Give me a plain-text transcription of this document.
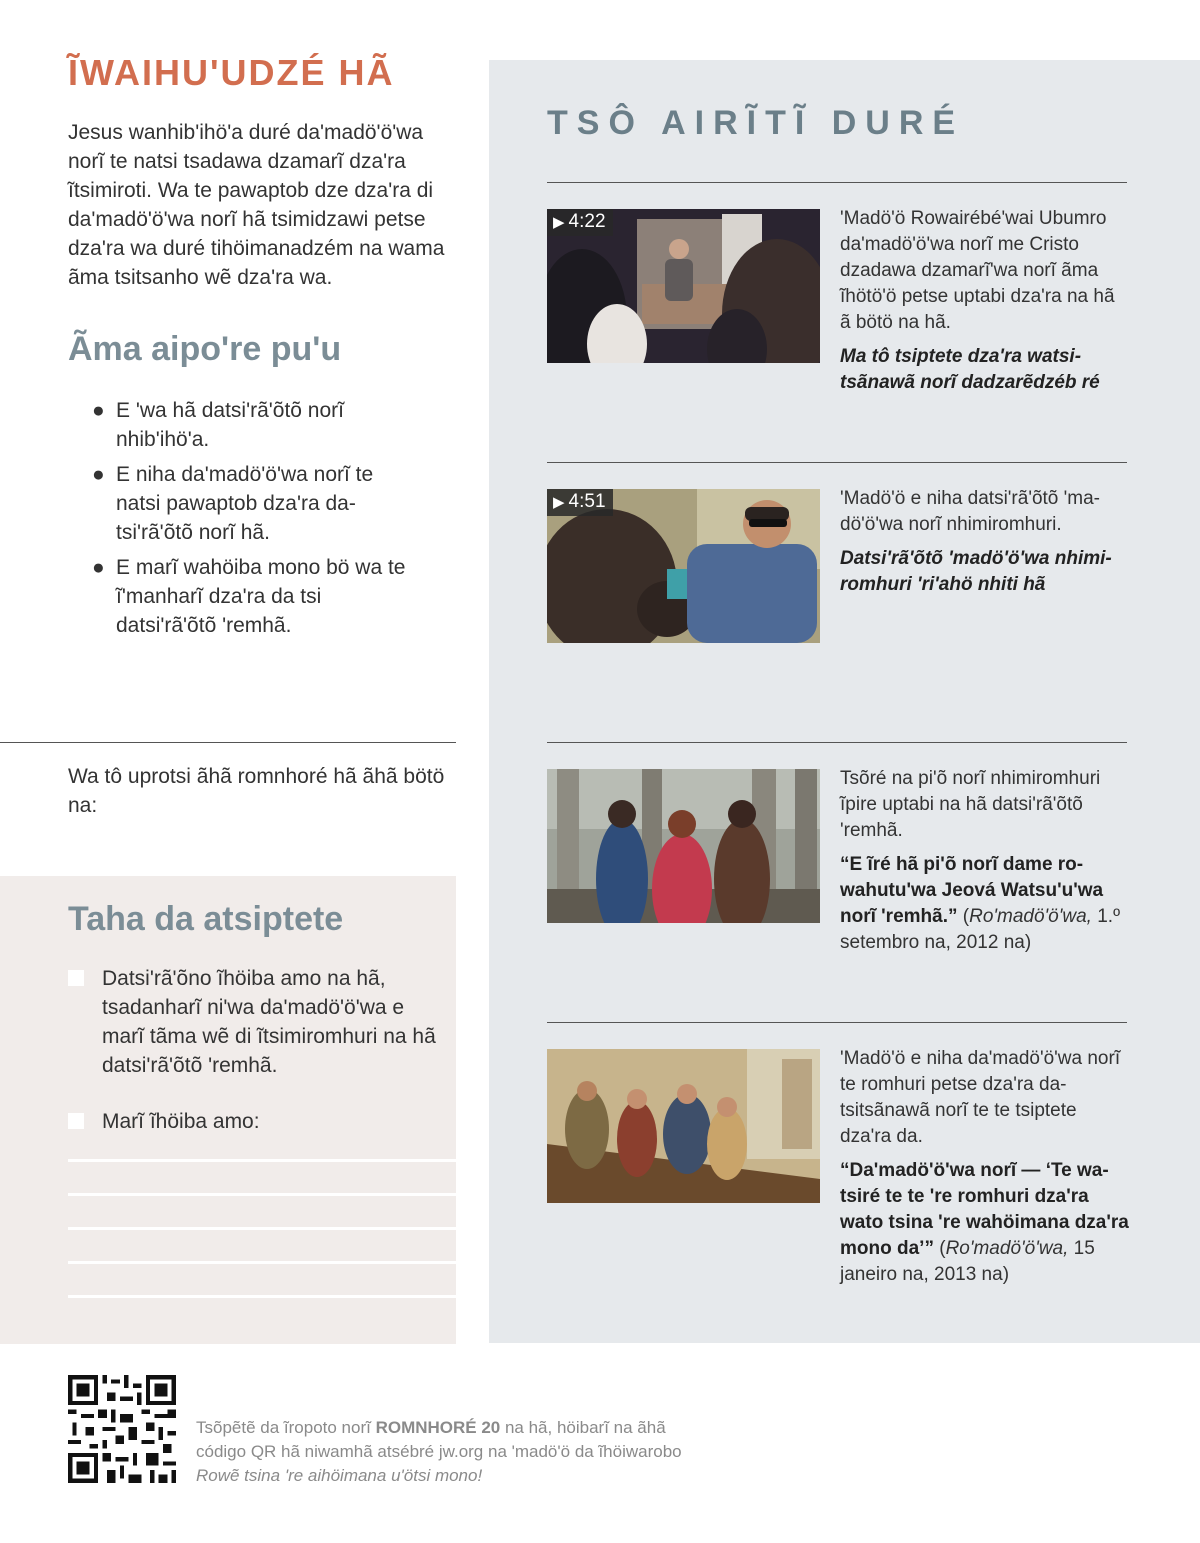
ĨWAIHU'UDZÉ HÃ
Jesus wanhib'ihö'a duré da'madö'ö'wa norĩ te natsi tsadawa dzamarĩ dza'ra ĩtsimiroti. Wa te pawaptob dze dza'ra di da'madö'ö'wa norĩ hã tsimidzawi petse dza'ra wa duré tihöimanadzém na wama ãma tsitsanho wẽ dza'ra wa.
Ãma aipo're pu'u
● E 'wa hã datsi'rã'õtõ norĩ nhib'ihö'a.
● E niha da'madö'ö'wa norĩ te natsi pawaptob dza'ra datsi'rã'õtõ norĩ hã.
● E marĩ wahöiba mono bö wa te ĩ'manharĩ dza'ra da tsi datsi'rã'õtõ 'remhã.
Wa tô uprotsi ãhã romnhoré hã ãhã bötö na:
Taha da atsiptete
Datsi'rã'õno ĩhöiba amo na hã, tsadanharĩ ni'wa da'madö'ö'wa e marĩ tãma wẽ di ĩtsimiromhuri na hã datsi'rã'õtõ 'remhã.
Marĩ ĩhöiba amo:
TSÔ AIRĨTĨ DURÉ
▶ 4:22	'Madö'ö Rowairébé'wai Ubumro da'madö'ö'wa norĩ me Cristo dzadawa dzamarĩ'wa norĩ ãma ĩhötö'ö petse uptabi dza'ra na hã ã bötö na hã.
Ma tô tsiptete dza'ra watsitsãnawã norĩ dadzarẽdzéb ré
▶ 4:51	'Madö'ö e niha datsi'rã'õtõ 'madö'ö'wa norĩ nhimiromhuri.
Datsi'rã'õtõ 'madö'ö'wa nhimiromhuri 'ri'ahö nhiti hã
Tsõré na pi'õ norĩ nhimiromhuri ĩpire uptabi na hã datsi'rã'õtõ 'remhã.
“E ĩré hã pi'õ norĩ dame rowahutu'wa Jeová Watsu'u'wa norĩ 'remhã.” (Ro'madö'ö'wa, 1.º setembro na, 2012 na)
'Madö'ö e niha da'madö'ö'wa norĩ te romhuri petse dza'ra datsitsãnawã norĩ te te tsiptete dza'ra da.
“Da'madö'ö'wa norĩ — ‘Te watsiré te te 're romhuri dza'ra wato tsina 're wahöimana dza'ra mono da’” (Ro'madö'ö'wa, 15 janeiro na, 2013 na)
Tsõpẽtẽ da ĩropoto norĩ ROMNHORÉ 20 na hã, höibarĩ na ãhã código QR hã niwamhã atsébré jw.org na 'madö'ö da ĩhöiwarobo Rowẽ tsina 're aihöimana u'ötsi mono!
